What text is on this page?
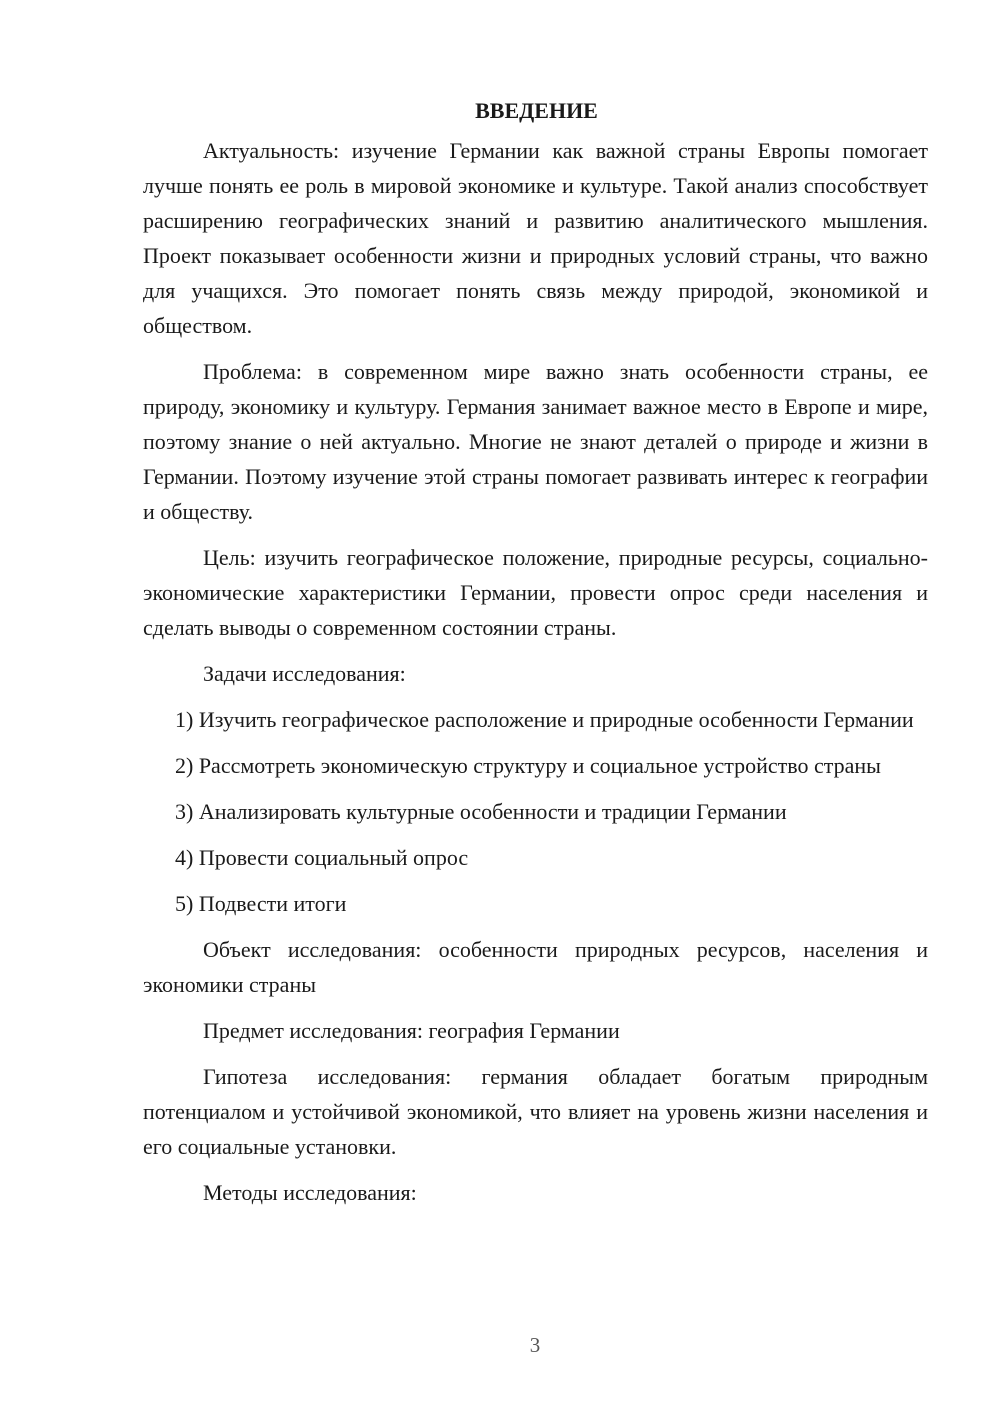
ВВЕДЕНИЕ

Актуальность: изучение Германии как важной страны Европы помогает лучше понять ее роль в мировой экономике и культуре. Такой анализ способствует расширению географических знаний и развитию аналитического мышления. Проект показывает особенности жизни и природных условий страны, что важно для учащихся. Это помогает понять связь между природой, экономикой и обществом.

Проблема: в современном мире важно знать особенности страны, ее природу, экономику и культуру. Германия занимает важное место в Европе и мире, поэтому знание о ней актуально. Многие не знают деталей о природе и жизни в Германии. Поэтому изучение этой страны помогает развивать интерес к географии и обществу.

Цель: изучить географическое положение, природные ресурсы, социально-экономические характеристики Германии, провести опрос среди населения и сделать выводы о современном состоянии страны.

Задачи исследования:

1) Изучить географическое расположение и природные особенности Германии

2) Рассмотреть экономическую структуру и социальное устройство страны

3) Анализировать культурные особенности и традиции Германии

4) Провести социальный опрос

5) Подвести итоги

Объект исследования: особенности природных ресурсов, населения и экономики страны

Предмет исследования: география Германии

Гипотеза исследования: германия обладает богатым природным потенциалом и устойчивой экономикой, что влияет на уровень жизни населения и его социальные установки.

Методы исследования:

3
